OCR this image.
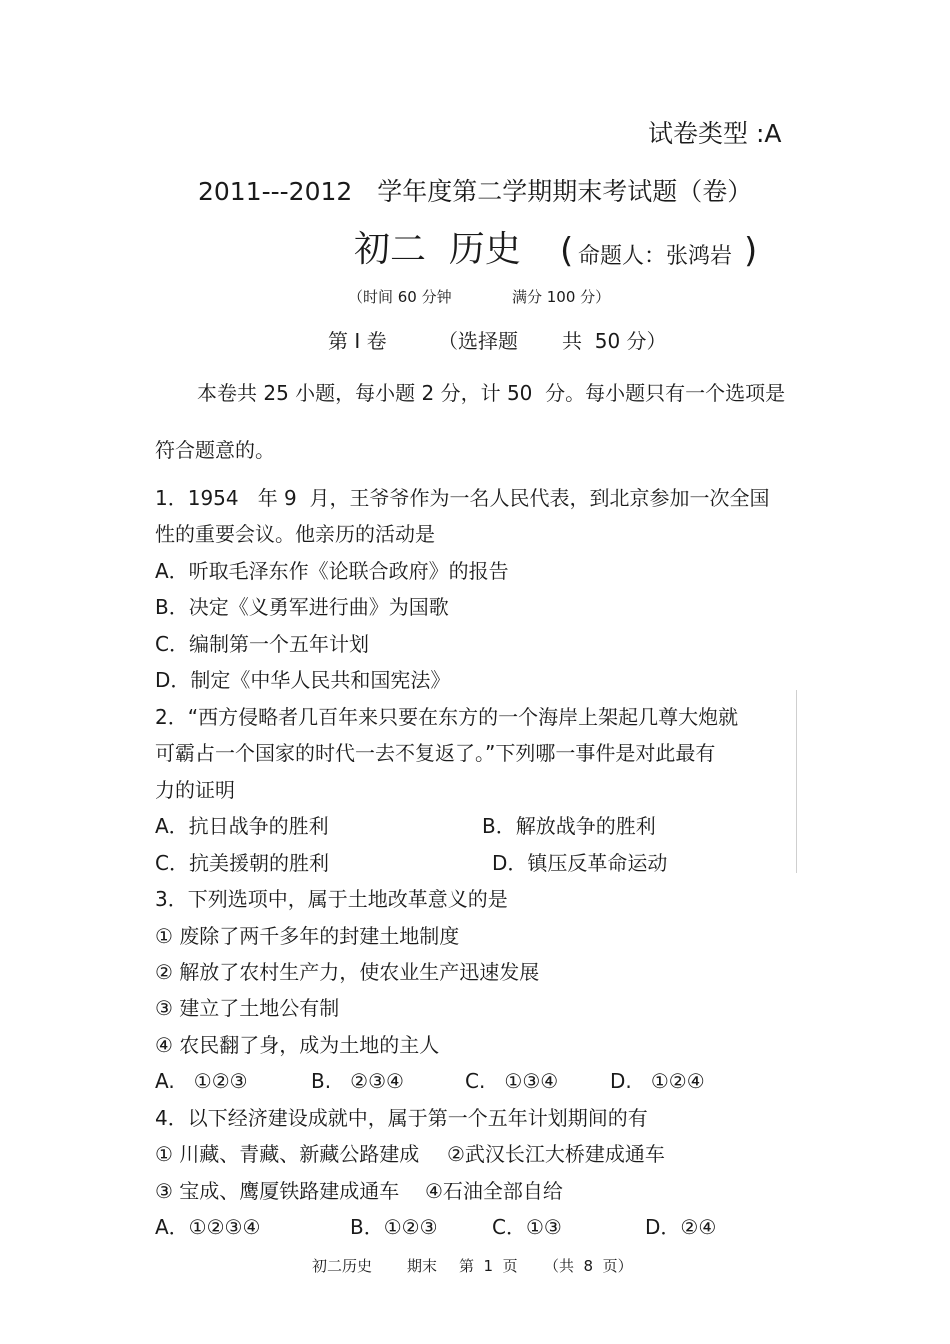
试卷类型 :A
2011---2012　学年度第二学期期末考试题（卷）
初二  历史 ( 命题人：张鸿岩 )
（时间 60 分钟	满分 100 分）
第 Ⅰ 卷	（选择题 共  50 分）
本卷共 25 小题，每小题 2 分，计 50  分。每小题只有一个选项是
符合题意的。
1．1954   年 9  月，王爷爷作为一名人民代表，到北京参加一次全国
性的重要会议。他亲历的活动是
A．听取毛泽东作《论联合政府》的报告
B．决定《义勇军进行曲》为国歌
C．编制第一个五年计划
D．制定《中华人民共和国宪法》
2．“西方侵略者几百年来只要在东方的一个海岸上架起几尊大炮就
可霸占一个国家的时代一去不复返了。”下列哪一事件是对此最有
力的证明
A．抗日战争的胜利	B．解放战争的胜利
C．抗美援朝的胜利	D．镇压反革命运动
3．下列选项中，属于土地改革意义的是
① 废除了两千多年的封建土地制度
② 解放了农村生产力，使农业生产迅速发展
③ 建立了土地公有制
④ 农民翻了身，成为土地的主人
A.   ①②③	B.   ②③④	C.   ①③④	D.   ①②④
4．以下经济建设成就中，属于第一个五年计划期间的有
① 川藏、青藏、新藏公路建成 ②武汉长江大桥建成通车
③ 宝成、鹰厦铁路建成通车 ④石油全部自给
A．①②③④	B．①②③	C．①③	D．②④
初二历史 期末 第  1  页 （共  8  页）
